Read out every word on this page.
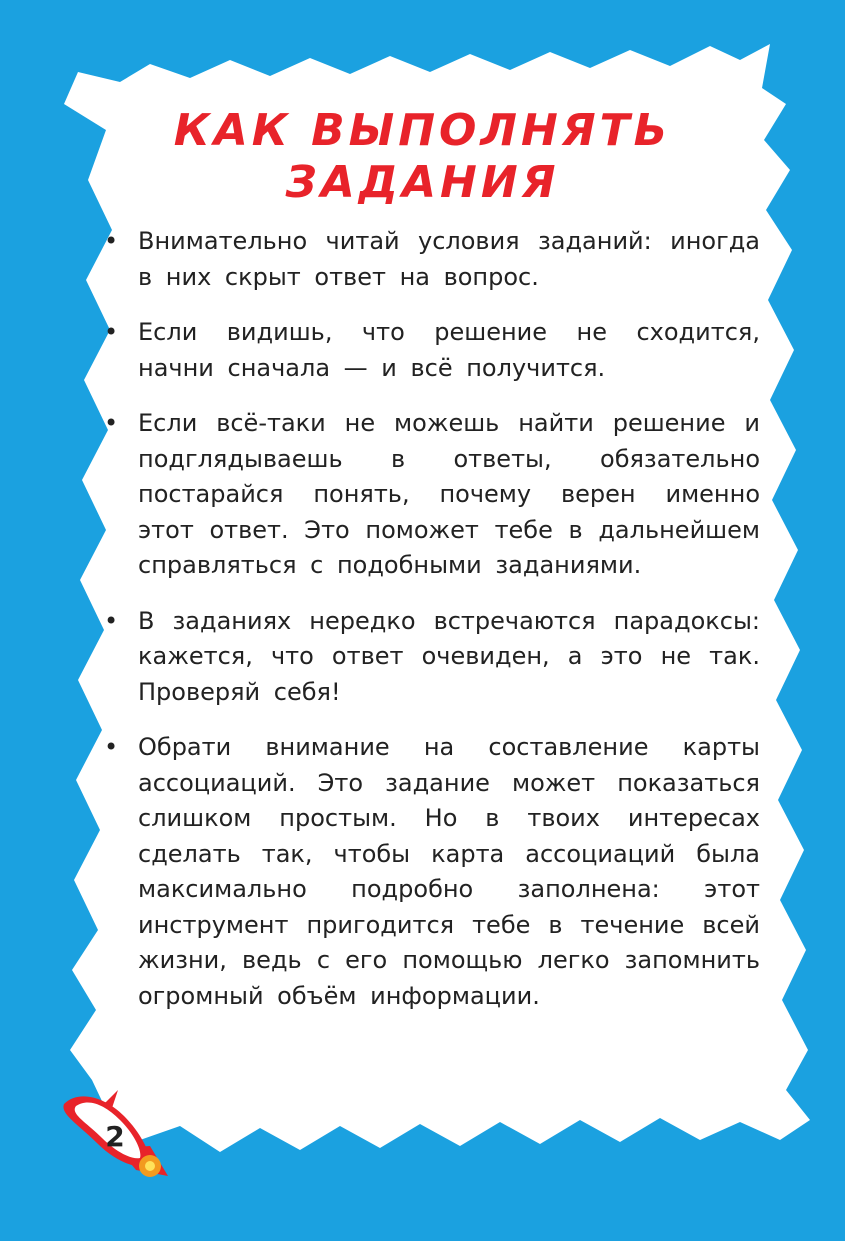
КАК ВЫПОЛНЯТЬ
ЗАДАНИЯ
• Внимательно читай условия заданий: иногда в них скрыт ответ на вопрос.
• Если видишь, что решение не сходится, начни сначала — и всё получится.
• Если всё-таки не можешь найти решение и подглядываешь в ответы, обязательно постарайся понять, почему верен именно этот ответ. Это поможет тебе в дальнейшем справляться с подобными заданиями.
• В заданиях нередко встречаются парадоксы: кажется, что ответ очевиден, а это не так. Проверяй себя!
• Обрати внимание на составление карты ассоциаций. Это задание может показаться слишком простым. Но в твоих интересах сделать так, чтобы карта ассоциаций была максимально подробно заполнена: этот инструмент пригодится тебе в течение всей жизни, ведь с его помощью легко запомнить огромный объём информации.
2
